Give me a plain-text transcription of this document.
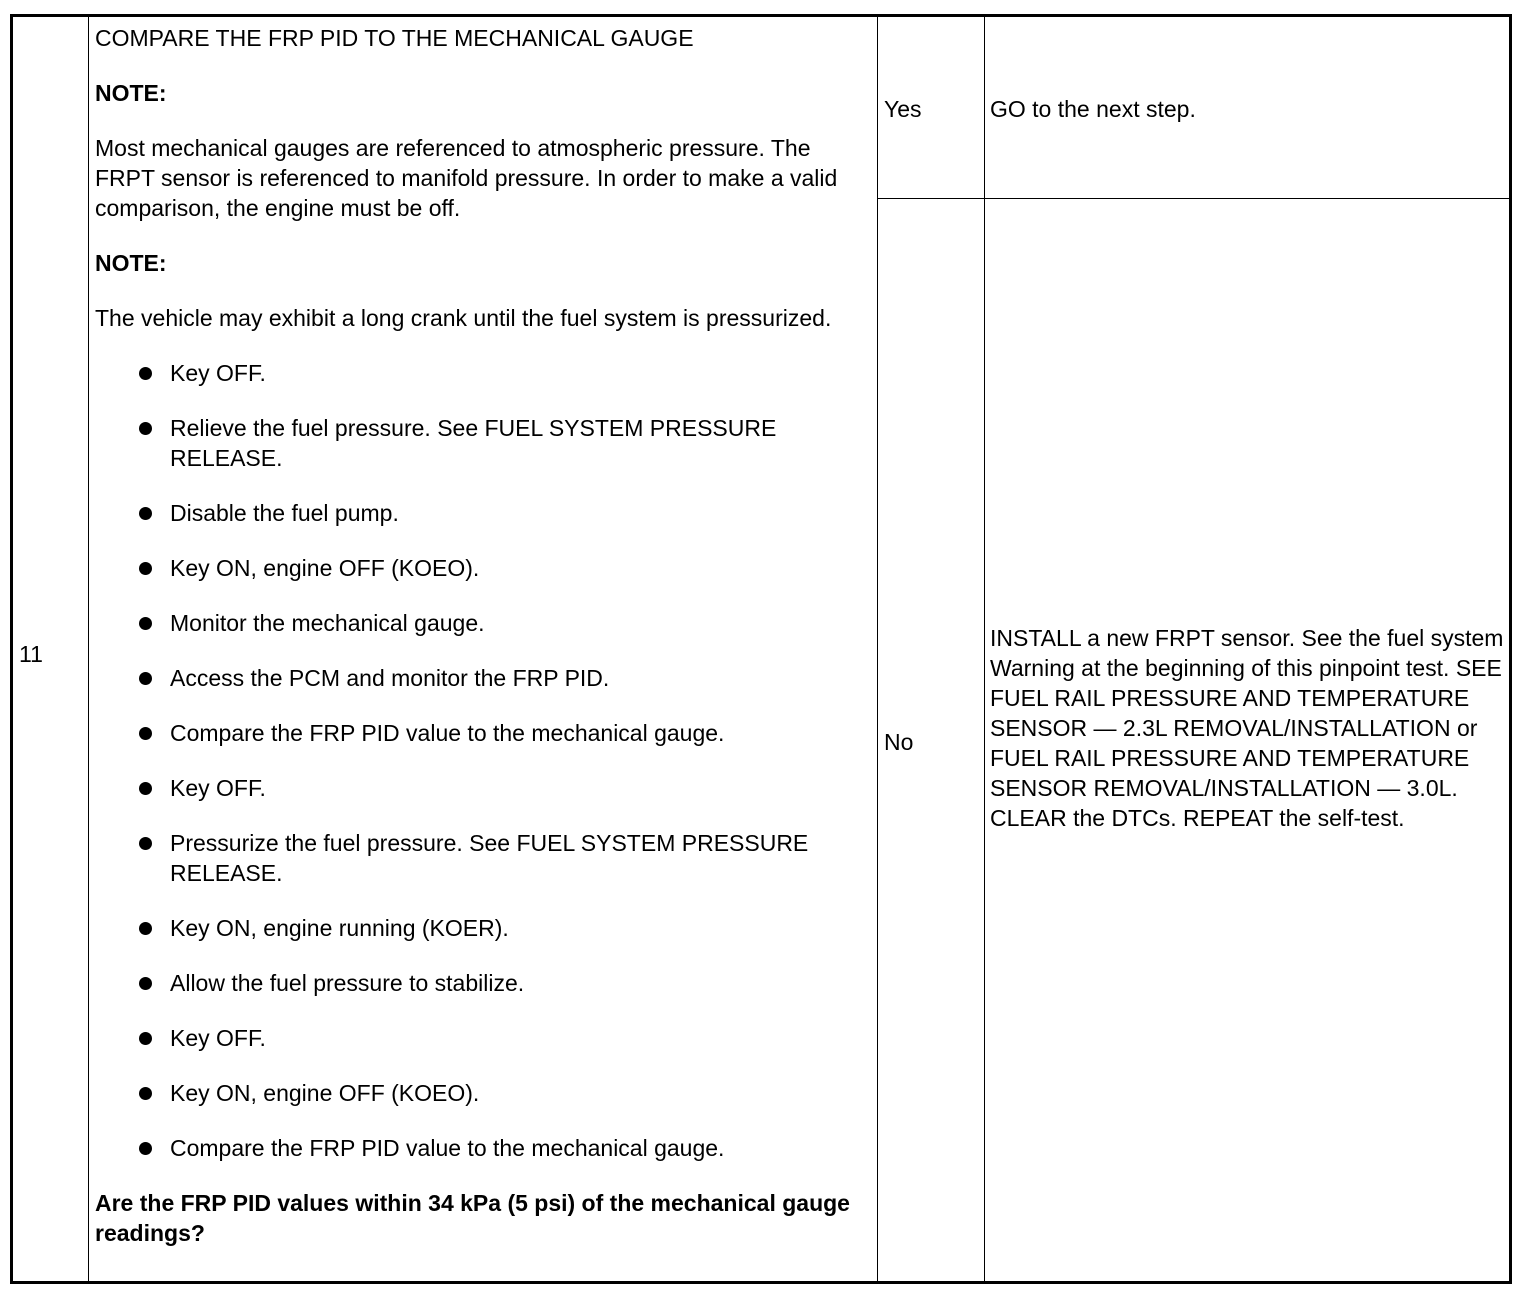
11

COMPARE THE FRP PID TO THE MECHANICAL GAUGE

NOTE:

Most mechanical gauges are referenced to atmospheric pressure. The FRPT sensor is referenced to manifold pressure. In order to make a valid comparison, the engine must be off.

NOTE:

The vehicle may exhibit a long crank until the fuel system is pressurized.

Key OFF.
Relieve the fuel pressure. See FUEL SYSTEM PRESSURE RELEASE.
Disable the fuel pump.
Key ON, engine OFF (KOEO).
Monitor the mechanical gauge.
Access the PCM and monitor the FRP PID.
Compare the FRP PID value to the mechanical gauge.
Key OFF.
Pressurize the fuel pressure. See FUEL SYSTEM PRESSURE RELEASE.
Key ON, engine running (KOER).
Allow the fuel pressure to stabilize.
Key OFF.
Key ON, engine OFF (KOEO).
Compare the FRP PID value to the mechanical gauge.

Are the FRP PID values within 34 kPa (5 psi) of the mechanical gauge readings?

Yes	GO to the next step.
No
INSTALL a new FRPT sensor. See the fuel system Warning at the beginning of this pinpoint test. SEE FUEL RAIL PRESSURE AND TEMPERATURE SENSOR — 2.3L REMOVAL/INSTALLATION or FUEL RAIL PRESSURE AND TEMPERATURE SENSOR REMOVAL/INSTALLATION — 3.0L. CLEAR the DTCs. REPEAT the self-test.
